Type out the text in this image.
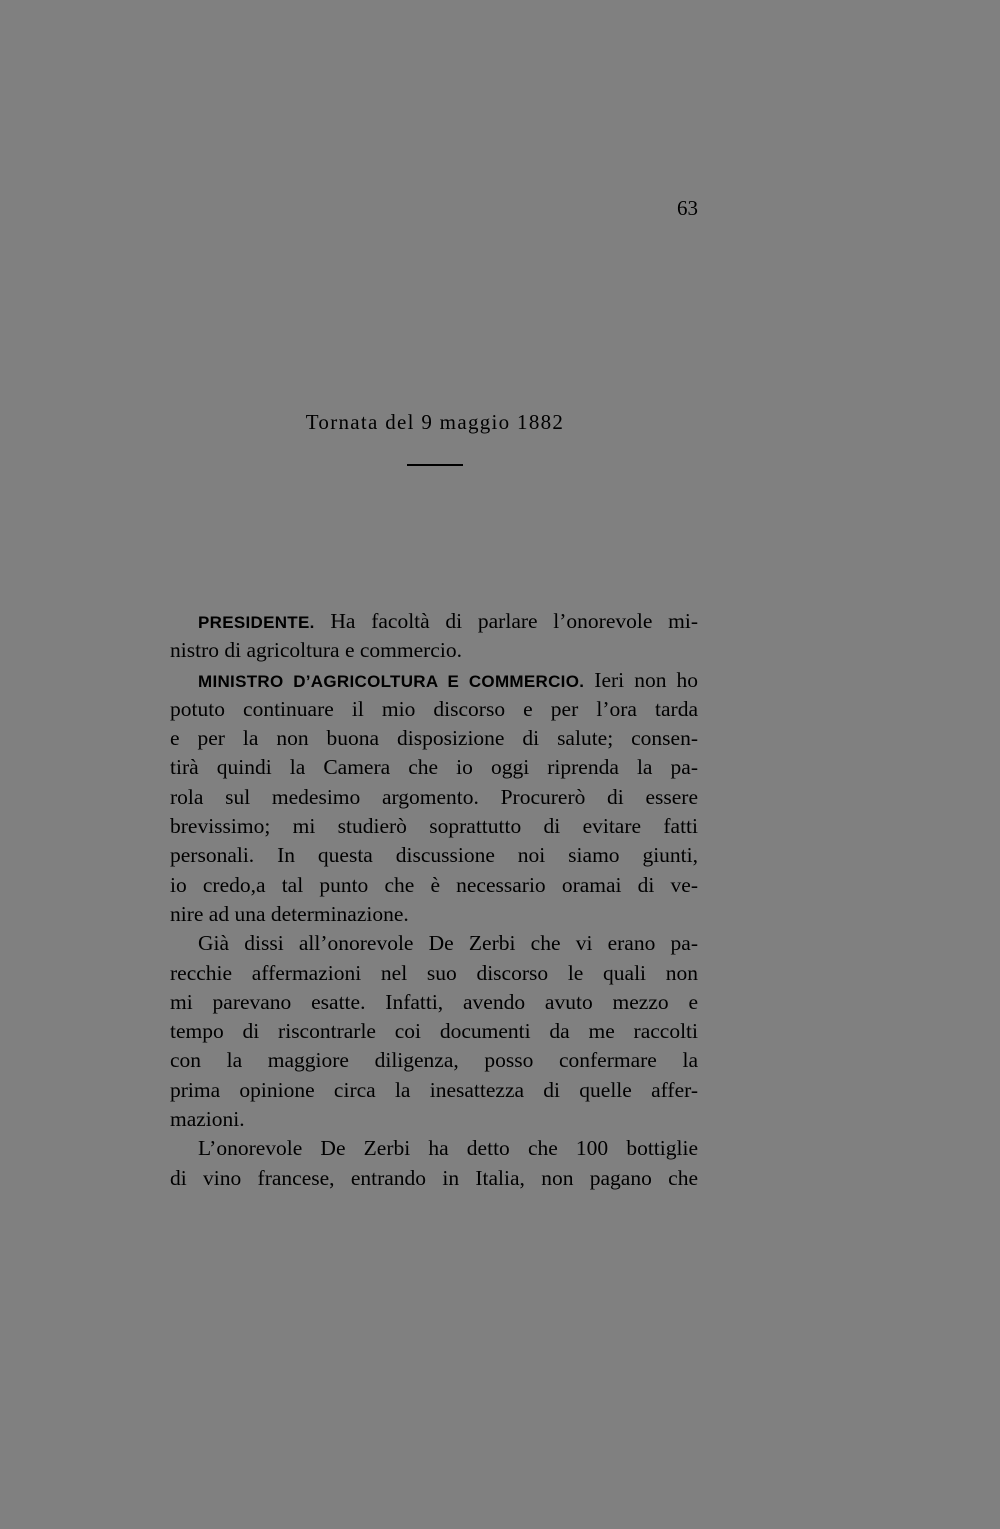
63
Tornata del 9 maggio 1882
PRESIDENTE. Ha facoltà di parlare l’onorevole mi-
nistro di agricoltura e commercio.
MINISTRO D’AGRICOLTURA E COMMERCIO. Ieri non ho
potuto continuare il mio discorso e per l’ora tarda
e per la non buona disposizione di salute; consen-
tirà quindi la Camera che io oggi riprenda la pa-
rola sul medesimo argomento. Procurerò di essere
brevissimo; mi studierò soprattutto di evitare fatti
personali. In questa discussione noi siamo giunti,
io credo,a tal punto che è necessario oramai di ve-
nire ad una determinazione.
Già dissi all’onorevole De Zerbi che vi erano pa-
recchie affermazioni nel suo discorso le quali non
mi parevano esatte. Infatti, avendo avuto mezzo e
tempo di riscontrarle coi documenti da me raccolti
con la maggiore diligenza, posso confermare la
prima opinione circa la inesattezza di quelle affer-
mazioni.
L’onorevole De Zerbi ha detto che 100 bottiglie
di vino francese, entrando in Italia, non pagano che
